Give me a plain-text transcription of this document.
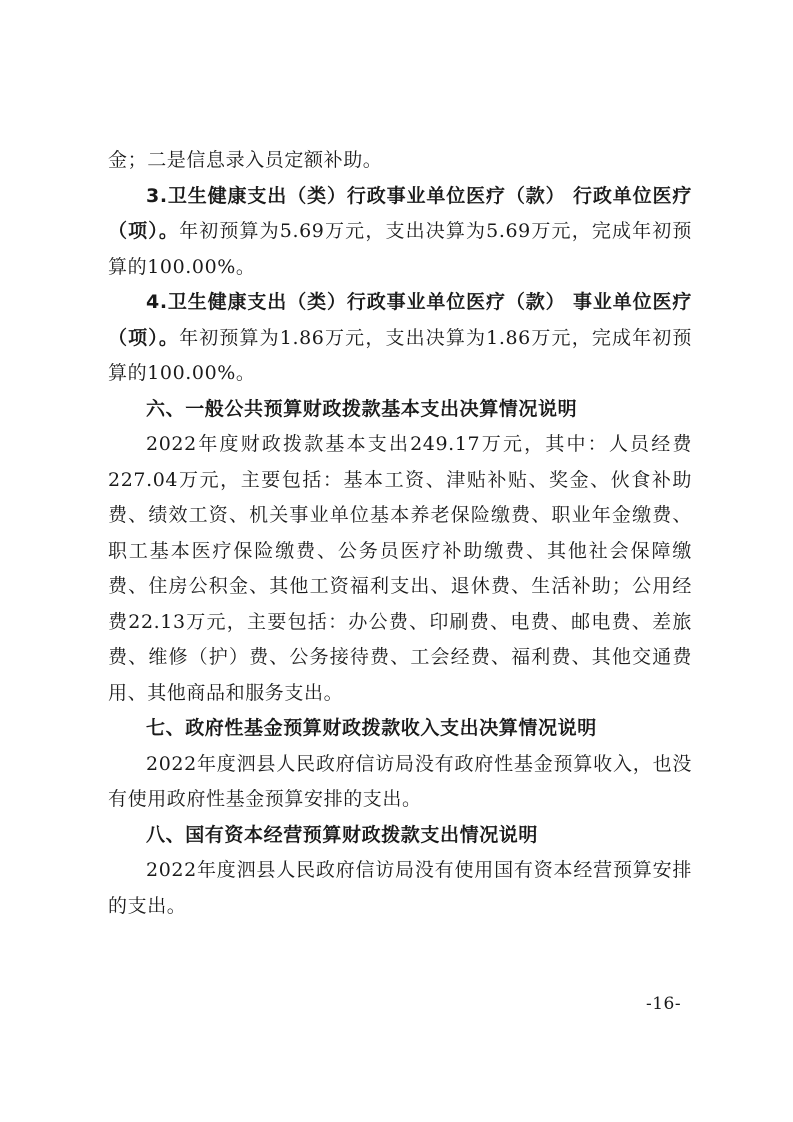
金；二是信息录入员定额补助。

3.卫生健康支出（类）行政事业单位医疗（款） 行政单位医疗（项）。年初预算为5.69万元，支出决算为5.69万元，完成年初预算的100.00%。

4.卫生健康支出（类）行政事业单位医疗（款） 事业单位医疗（项）。年初预算为1.86万元，支出决算为1.86万元，完成年初预算的100.00%。

六、一般公共预算财政拨款基本支出决算情况说明

2022年度财政拨款基本支出249.17万元，其中：人员经费227.04万元，主要包括：基本工资、津贴补贴、奖金、伙食补助费、绩效工资、机关事业单位基本养老保险缴费、职业年金缴费、职工基本医疗保险缴费、公务员医疗补助缴费、其他社会保障缴费、住房公积金、其他工资福利支出、退休费、生活补助；公用经费22.13万元，主要包括：办公费、印刷费、电费、邮电费、差旅费、维修（护）费、公务接待费、工会经费、福利费、其他交通费用、其他商品和服务支出。

七、政府性基金预算财政拨款收入支出决算情况说明

2022年度泗县人民政府信访局没有政府性基金预算收入，也没有使用政府性基金预算安排的支出。

八、国有资本经营预算财政拨款支出情况说明

2022年度泗县人民政府信访局没有使用国有资本经营预算安排的支出。

-16-
